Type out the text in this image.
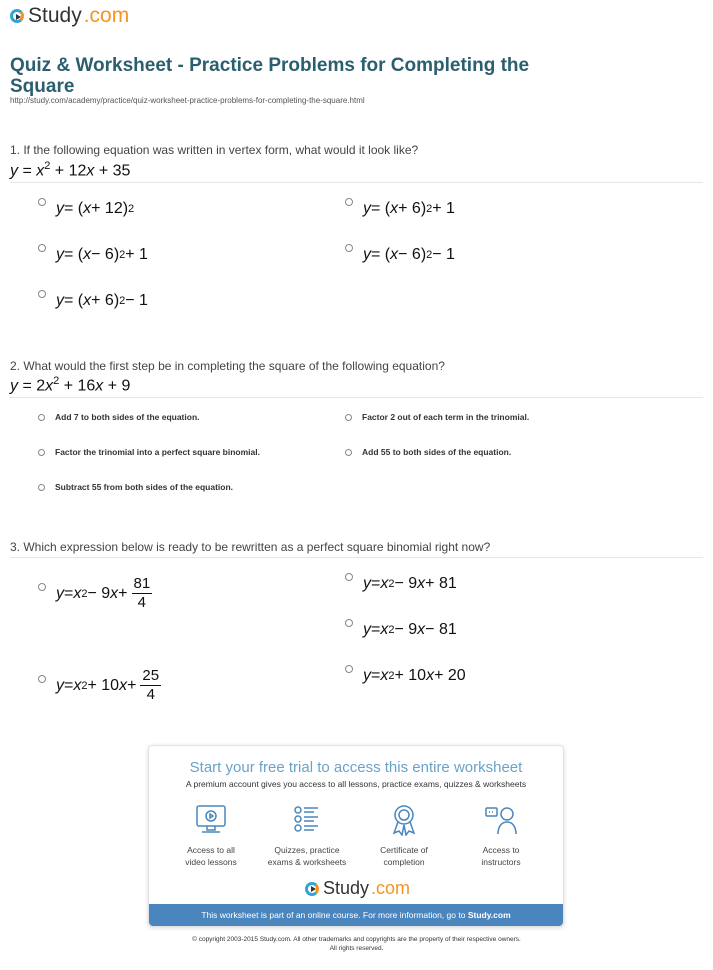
Study .com
Quiz & Worksheet - Practice Problems for Completing the Square
http://study.com/academy/practice/quiz-worksheet-practice-problems-for-completing-the-square.html
1. If the following equation was written in vertex form, what would it look like?
$y = x^2 + 12x + 35$
2. What would the first step be in completing the square of the following equation?
$y = 2x^2 + 16x + 9$
3. Which expression below is ready to be rewritten as a perfect square binomial right now?
y = ( x + 12) 2	y = ( x + 6) 2 + 1
y = ( x − 6) 2 + 1	y = ( x − 6) 2 − 1
y = ( x + 6) 2 − 1
Add 7 to both sides of the equation.	Factor 2 out of each term in the trinomial.
Factor the trinomial into a perfect square binomial.	Add 55 to both sides of the equation.
Subtract 55 from both sides of the equation.
y = x 2 − 9 $x + \frac{81}{4}$	y = x 2 − 9 x + 81
y = x 2 − 9 x − 81
y = x 2 + 10 $x + \frac{25}{4}$	y = x 2 + 10 x + 20
Start your free trial to access this entire worksheet
A premium account gives you access to all lessons, practice exams, quizzes & worksheets
Access to all
video lessons
Quizzes, practice
exams & worksheets
Certificate of
completion
Access to
instructors
Study .com
This worksheet is part of an online course. For more information, go to Study.com
© copyright 2003-2015 Study.com. All other trademarks and copyrights are the property of their respective owners.
All rights reserved.
